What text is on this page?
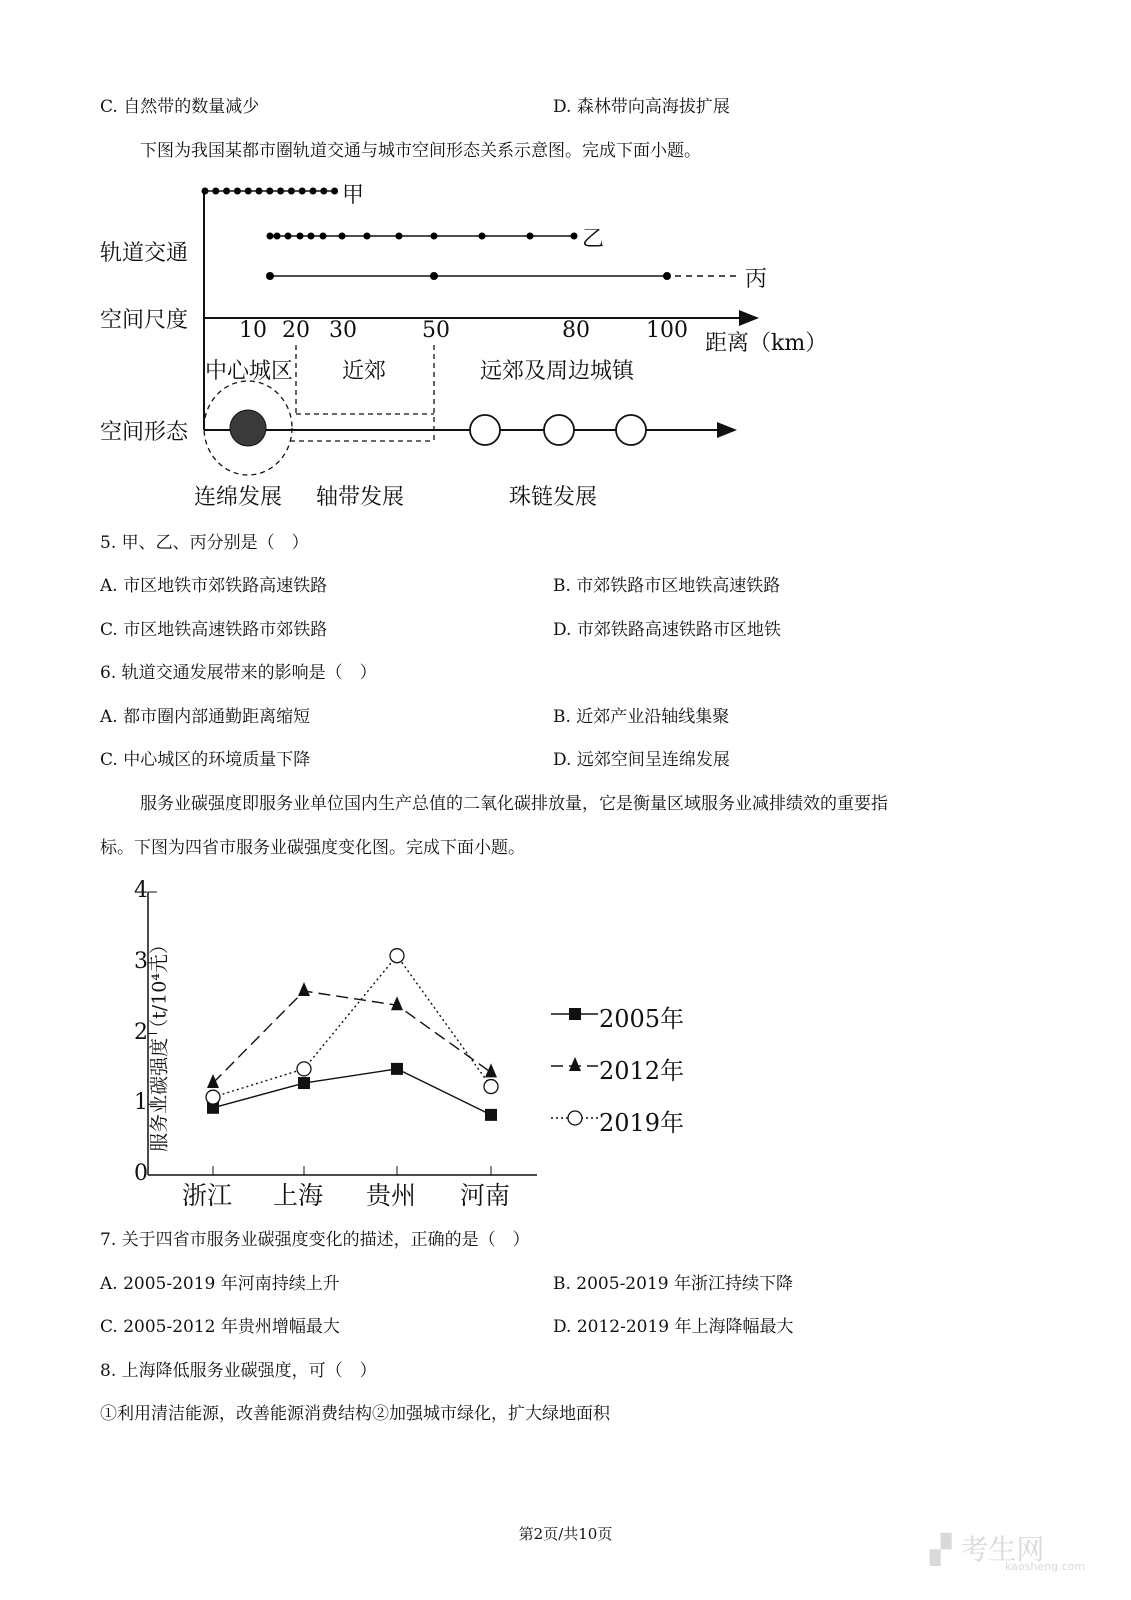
C. 自然带的数量减少	D. 森林带向高海拔扩展
下图为我国某都市圈轨道交通与城市空间形态关系示意图。完成下面小题。
轨道交通
空间尺度
空间形态
甲
乙
丙
10 20 30	50	80	100
距离（km）
中心城区 近郊	远郊及周边城镇
连绵发展 轴带发展	珠链发展
5. 甲、乙、丙分别是（　）
A. 市区地铁市郊铁路高速铁路	B. 市郊铁路市区地铁高速铁路
C. 市区地铁高速铁路市郊铁路	D. 市郊铁路高速铁路市区地铁
6. 轨道交通发展带来的影响是（　）
A. 都市圈内部通勤距离缩短	B. 近郊产业沿轴线集聚
C. 中心城区的环境质量下降	D. 远郊空间呈连绵发展
服务业碳强度即服务业单位国内生产总值的二氧化碳排放量，它是衡量区域服务业减排绩效的重要指
标。下图为四省市服务业碳强度变化图。完成下面小题。
服务业碳强度（t/10⁴元）
0
1
2
3
4
浙江 上海 贵州 河南
2005年
2012年
2019年
7. 关于四省市服务业碳强度变化的描述，正确的是（　）
A. 2005-2019 年河南持续上升	B. 2005-2019 年浙江持续下降
C. 2005-2012 年贵州增幅最大	D. 2012-2019 年上海降幅最大
8. 上海降低服务业碳强度，可（　）
①利用清洁能源，改善能源消费结构②加强城市绿化，扩大绿地面积
第2页/共10页	▞ 考生网
kaosheng.com
